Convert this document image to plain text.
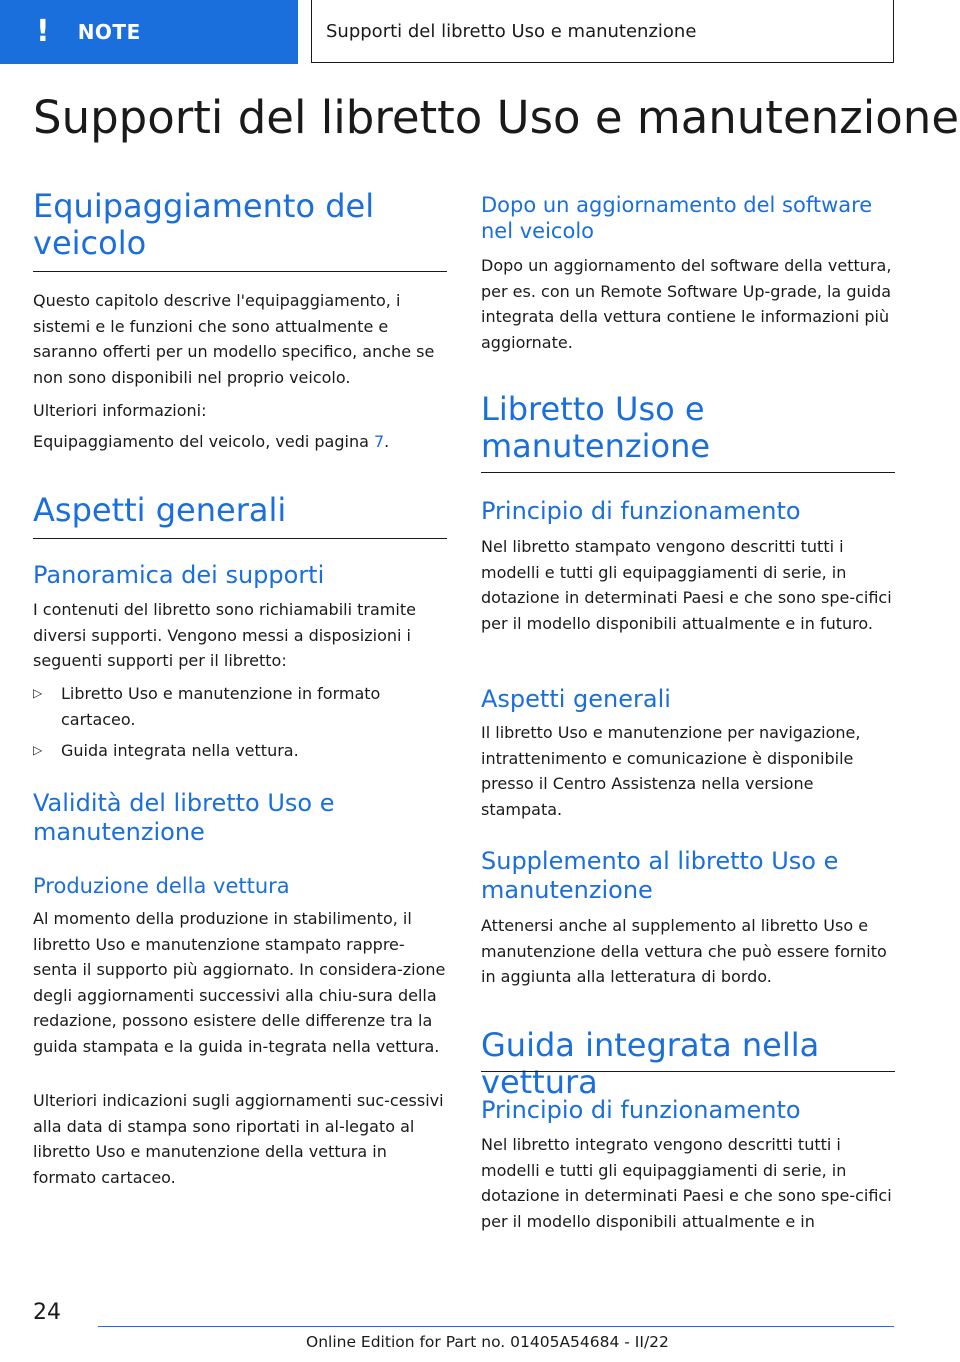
! NOTE	Supporti del libretto Uso e manutenzione
Supporti del libretto Uso e manutenzione
Equipaggiamento del veicolo

Questo capitolo descrive l'equipaggiamento, i sistemi e le funzioni che sono attualmente e saranno offerti per un modello specifico, anche se non sono disponibili nel proprio veicolo.

Ulteriori informazioni:

Equipaggiamento del veicolo, vedi pagina 7.

Aspetti generali
Panoramica dei supporti

I contenuti del libretto sono richiamabili tramite diversi supporti. Vengono messi a disposizioni i seguenti supporti per il libretto:

▷ Libretto Uso e manutenzione in formato cartaceo.
▷ Guida integrata nella vettura.
Validità del libretto Uso e manutenzione
Produzione della vettura

Al momento della produzione in stabilimento, il libretto Uso e manutenzione stampato rappre-senta il supporto più aggiornato. In considera-zione degli aggiornamenti successivi alla chiu-sura della redazione, possono esistere delle differenze tra la guida stampata e la guida in-tegrata nella vettura.

Ulteriori indicazioni sugli aggiornamenti suc-cessivi alla data di stampa sono riportati in al-legato al libretto Uso e manutenzione della vettura in formato cartaceo.

Dopo un aggiornamento del software nel veicolo

Dopo un aggiornamento del software della vettura, per es. con un Remote Software Up-grade, la guida integrata della vettura contiene le informazioni più aggiornate.

Libretto Uso e manutenzione
Principio di funzionamento

Nel libretto stampato vengono descritti tutti i modelli e tutti gli equipaggiamenti di serie, in dotazione in determinati Paesi e che sono spe-cifici per il modello disponibili attualmente e in futuro.

Aspetti generali

Il libretto Uso e manutenzione per navigazione, intrattenimento e comunicazione è disponibile presso il Centro Assistenza nella versione stampata.

Supplemento al libretto Uso e manutenzione

Attenersi anche al supplemento al libretto Uso e manutenzione della vettura che può essere fornito in aggiunta alla letteratura di bordo.

Guida integrata nella vettura
Principio di funzionamento

Nel libretto integrato vengono descritti tutti i modelli e tutti gli equipaggiamenti di serie, in dotazione in determinati Paesi e che sono spe-cifici per il modello disponibili attualmente e in

24
Online Edition for Part no. 01405A54684 - II/22
